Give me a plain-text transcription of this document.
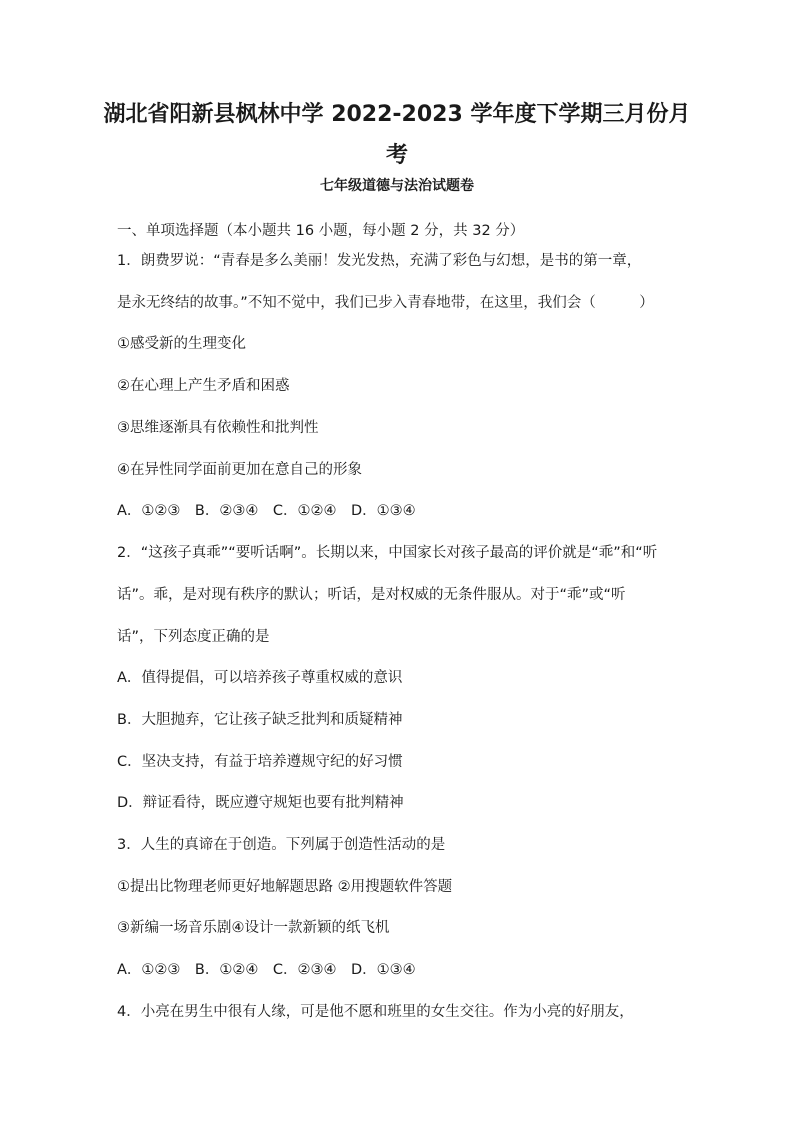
湖北省阳新县枫林中学 2022-2023 学年度下学期三月份月
考
七年级道德与法治试题卷
一、单项选择题（本小题共 16 小题，每小题 2 分，共 32 分）
1．朗费罗说：“青春是多么美丽！发光发热，充满了彩色与幻想，是书的第一章，
是永无终结的故事。”不知不觉中，我们已步入青春地带，在这里，我们会（　　　）
①感受新的生理变化
②在心理上产生矛盾和困惑
③思维逐渐具有依赖性和批判性
④在异性同学面前更加在意自己的形象
A．①②③　B．②③④　C．①②④　D．①③④
2．“这孩子真乖”“要听话啊”。长期以来，中国家长对孩子最高的评价就是“乖”和“听
话”。乖，是对现有秩序的默认；听话，是对权威的无条件服从。对于“乖”或“听
话”，下列态度正确的是
A．值得提倡，可以培养孩子尊重权威的意识
B．大胆抛弃，它让孩子缺乏批判和质疑精神
C．坚决支持，有益于培养遵规守纪的好习惯
D．辩证看待，既应遵守规矩也要有批判精神
3．人生的真谛在于创造。下列属于创造性活动的是
①提出比物理老师更好地解题思路 ②用搜题软件答题
③新编一场音乐剧④设计一款新颖的纸飞机
A．①②③　B．①②④　C．②③④　D．①③④
4．小亮在男生中很有人缘，可是他不愿和班里的女生交往。作为小亮的好朋友，
